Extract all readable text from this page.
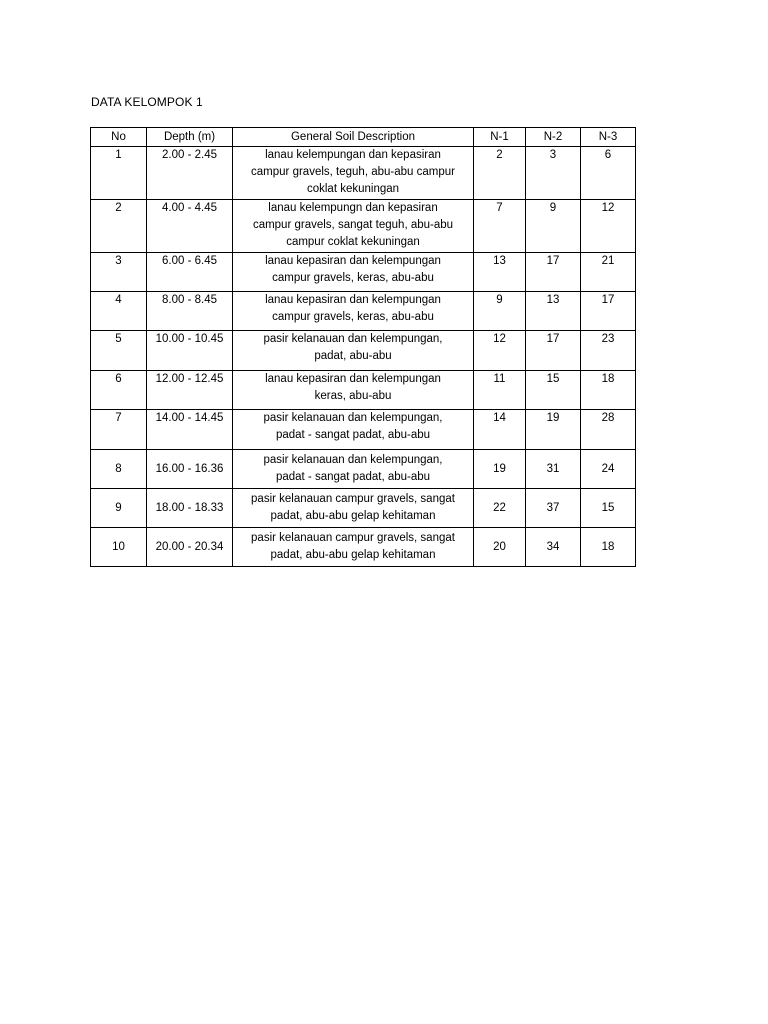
DATA KELOMPOK 1
No	Depth (m)	General Soil Description	N-1	N-2	N-3
1	2.00 - 2.45	lanau kelempungan dan kepasiran
campur gravels, teguh, abu-abu campur
coklat kekuningan	2	3	6
2	4.00 - 4.45	lanau kelempungn dan kepasiran
campur gravels, sangat teguh, abu-abu
campur coklat kekuningan	7	9	12
3	6.00 - 6.45	lanau kepasiran dan kelempungan
campur gravels, keras, abu-abu	13	17	21
4	8.00 - 8.45	lanau kepasiran dan kelempungan
campur gravels, keras, abu-abu	9	13	17
5	10.00 - 10.45	pasir kelanauan dan kelempungan,
padat, abu-abu	12	17	23
6	12.00 - 12.45	lanau kepasiran dan kelempungan
keras, abu-abu	11	15	18
7	14.00 - 14.45	pasir kelanauan dan kelempungan,
padat - sangat padat, abu-abu	14	19	28
8	16.00 - 16.36	pasir kelanauan dan kelempungan,
padat - sangat padat, abu-abu	19	31	24
9	18.00 - 18.33	pasir kelanauan campur gravels, sangat
padat, abu-abu gelap kehitaman	22	37	15
10	20.00 - 20.34	pasir kelanauan campur gravels, sangat
padat, abu-abu gelap kehitaman	20	34	18
